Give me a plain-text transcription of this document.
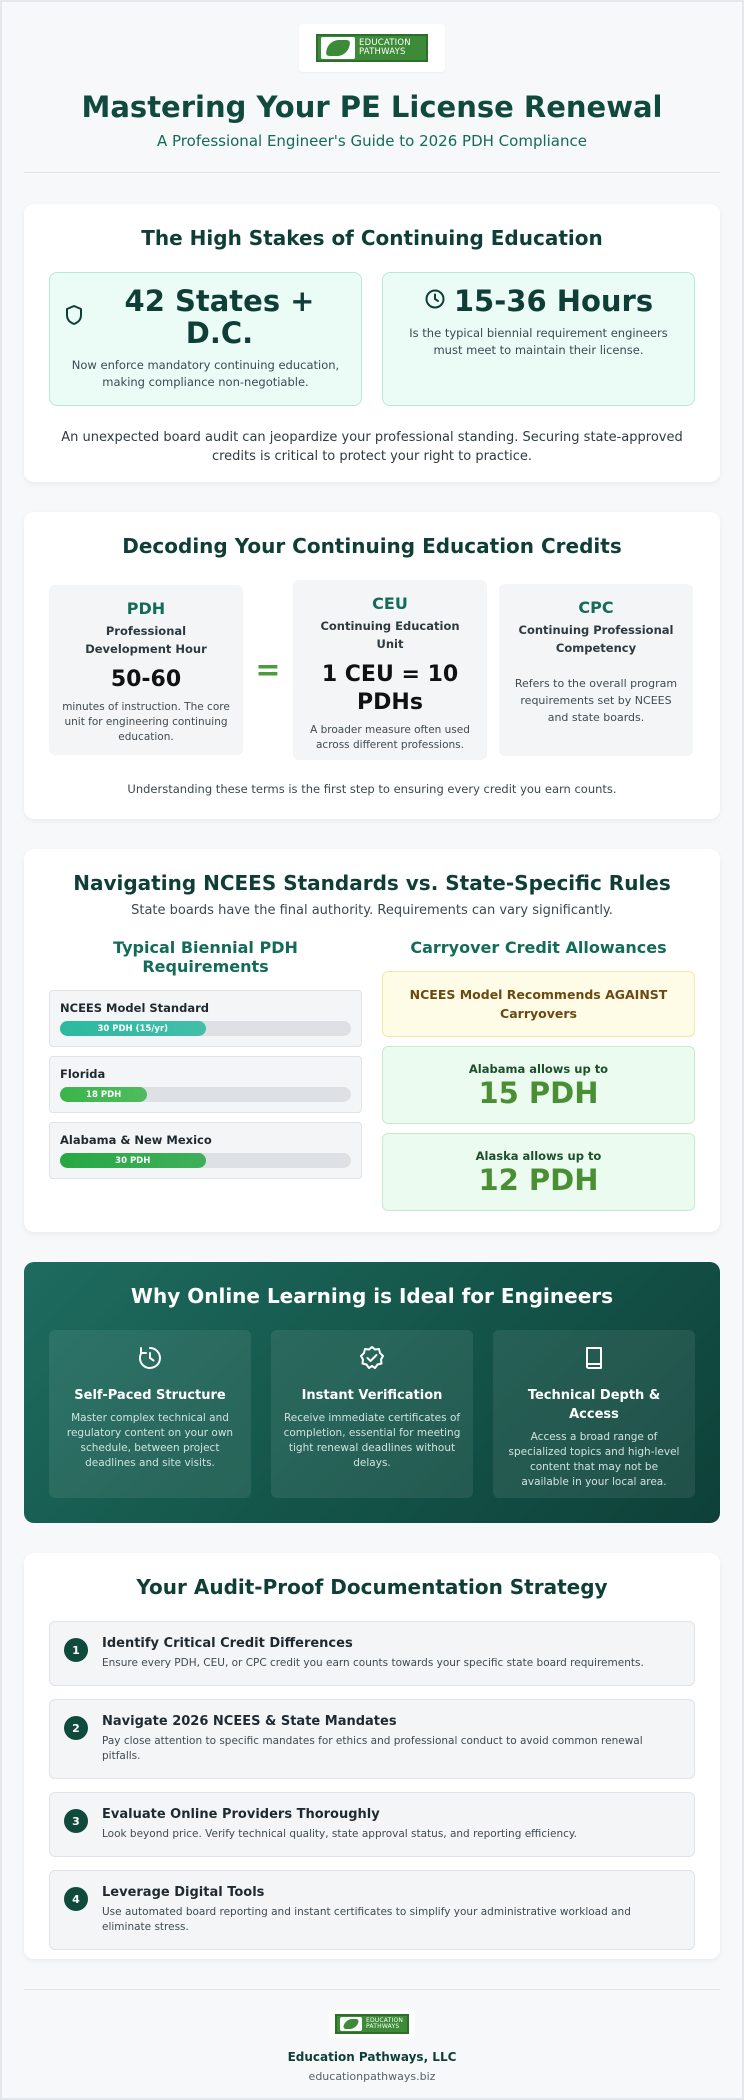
EDUCATION
PATHWAYS
Mastering Your PE License Renewal
A Professional Engineer's Guide to 2026 PDH Compliance
The High Stakes of Continuing Education
42 States + D.C.
Now enforce mandatory continuing education, making compliance non-negotiable.
15-36 Hours
Is the typical biennial requirement engineers must meet to maintain their license.
An unexpected board audit can jeopardize your professional standing. Securing state-approved credits is critical to protect your right to practice.
Decoding Your Continuing Education Credits
PDH
Professional Development Hour
50-60
minutes of instruction. The core unit for engineering continuing education.
=
CEU
Continuing Education Unit
1 CEU = 10 PDHs
A broader measure often used across different professions.
CPC
Continuing Professional Competency
Refers to the overall program requirements set by NCEES and state boards.
Understanding these terms is the first step to ensuring every credit you earn counts.
Navigating NCEES Standards vs. State-Specific Rules
State boards have the final authority. Requirements can vary significantly.
Typical Biennial PDH Requirements
NCEES Model Standard
30 PDH (15/yr)
Florida
18 PDH
Alabama & New Mexico
30 PDH
Carryover Credit Allowances
NCEES Model Recommends AGAINST Carryovers
Alabama allows up to
15 PDH
Alaska allows up to
12 PDH
Why Online Learning is Ideal for Engineers
Self-Paced Structure
Master complex technical and regulatory content on your own schedule, between project deadlines and site visits.
Instant Verification
Receive immediate certificates of completion, essential for meeting tight renewal deadlines without delays.
Technical Depth & Access
Access a broad range of specialized topics and high-level content that may not be available in your local area.
Your Audit-Proof Documentation Strategy
1	Identify Critical Credit Differences
Ensure every PDH, CEU, or CPC credit you earn counts towards your specific state board requirements.
2	Navigate 2026 NCEES & State Mandates
Pay close attention to specific mandates for ethics and professional conduct to avoid common renewal pitfalls.
3	Evaluate Online Providers Thoroughly
Look beyond price. Verify technical quality, state approval status, and reporting efficiency.
4	Leverage Digital Tools
Use automated board reporting and instant certificates to simplify your administrative workload and eliminate stress.
EDUCATION
PATHWAYS
Education Pathways, LLC
educationpathways.biz
